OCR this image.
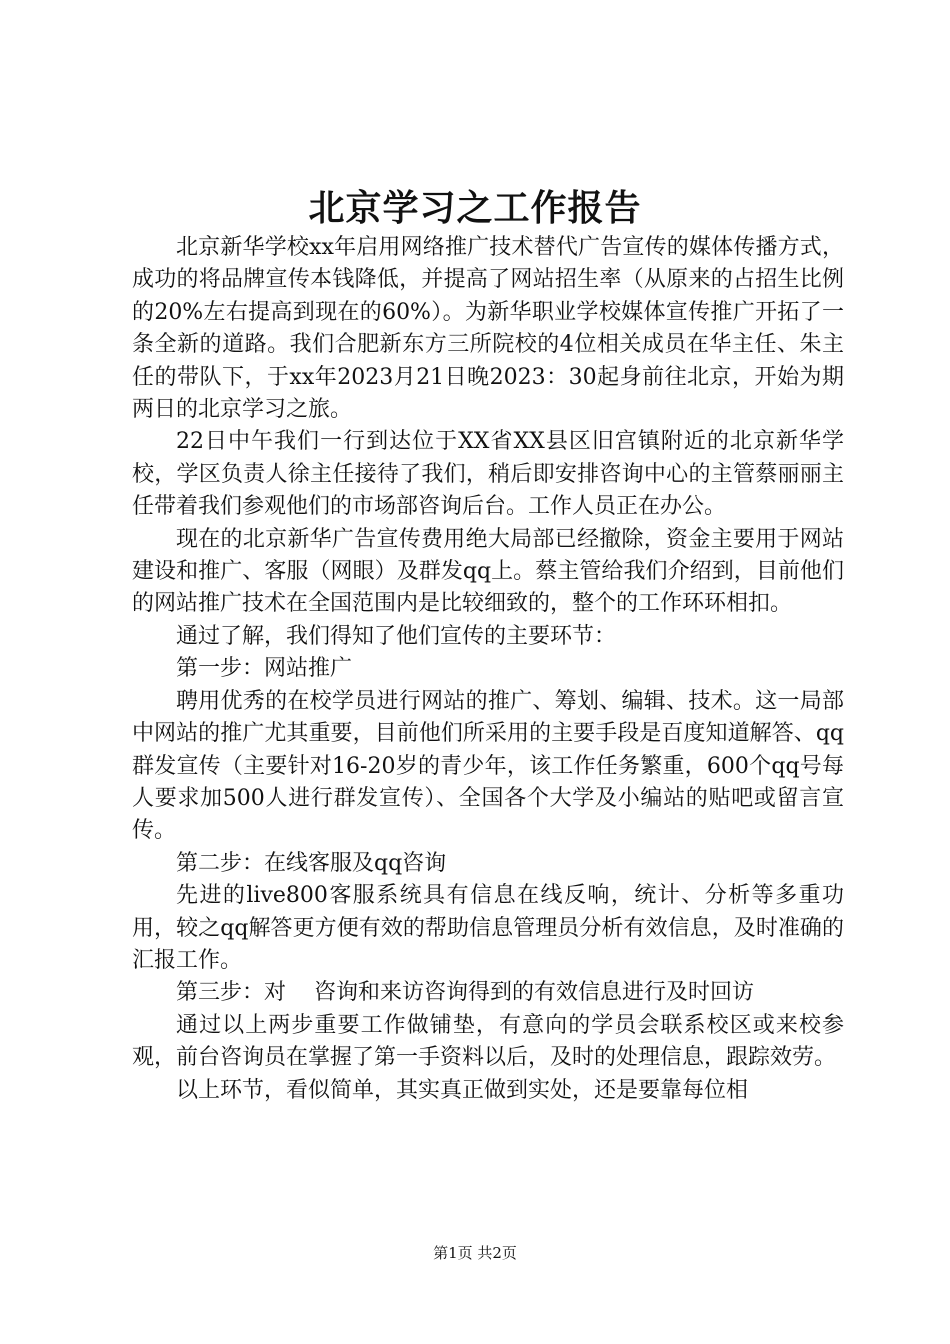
北京学习之工作报告

北京新华学校xx年启用网络推广技术替代广告宣传的媒体传播方式，成功的将品牌宣传本钱降低，并提高了网站招生率（从原来的占招生比例的20%左右提高到现在的60%）。为新华职业学校媒体宣传推广开拓了一条全新的道路。我们合肥新东方三所院校的4位相关成员在华主任、朱主任的带队下，于xx年2023月21日晚2023：30起身前往北京，开始为期两日的北京学习之旅。

22日中午我们一行到达位于XX省XX县区旧宫镇附近的北京新华学校，学区负责人徐主任接待了我们，稍后即安排咨询中心的主管蔡丽丽主任带着我们参观他们的市场部咨询后台。工作人员正在办公。

现在的北京新华广告宣传费用绝大局部已经撤除，资金主要用于网站建设和推广、客服（网眼）及群发qq上。蔡主管给我们介绍到，目前他们的网站推广技术在全国范围内是比较细致的，整个的工作环环相扣。

通过了解，我们得知了他们宣传的主要环节：

第一步：网站推广

聘用优秀的在校学员进行网站的推广、筹划、编辑、技术。这一局部中网站的推广尤其重要，目前他们所采用的主要手段是百度知道解答、qq群发宣传（主要针对16-20岁的青少年，该工作任务繁重，600个qq号每人要求加500人进行群发宣传）、全国各个大学及小编站的贴吧或留言宣传。

第二步：在线客服及qq咨询

先进的live800客服系统具有信息在线反响，统计、分析等多重功用，较之qq解答更方便有效的帮助信息管理员分析有效信息，及时准确的汇报工作。

第三步：对    咨询和来访咨询得到的有效信息进行及时回访

通过以上两步重要工作做铺垫，有意向的学员会联系校区或来校参观，前台咨询员在掌握了第一手资料以后，及时的处理信息，跟踪效劳。

以上环节，看似简单，其实真正做到实处，还是要靠每位相

第1页 共2页
